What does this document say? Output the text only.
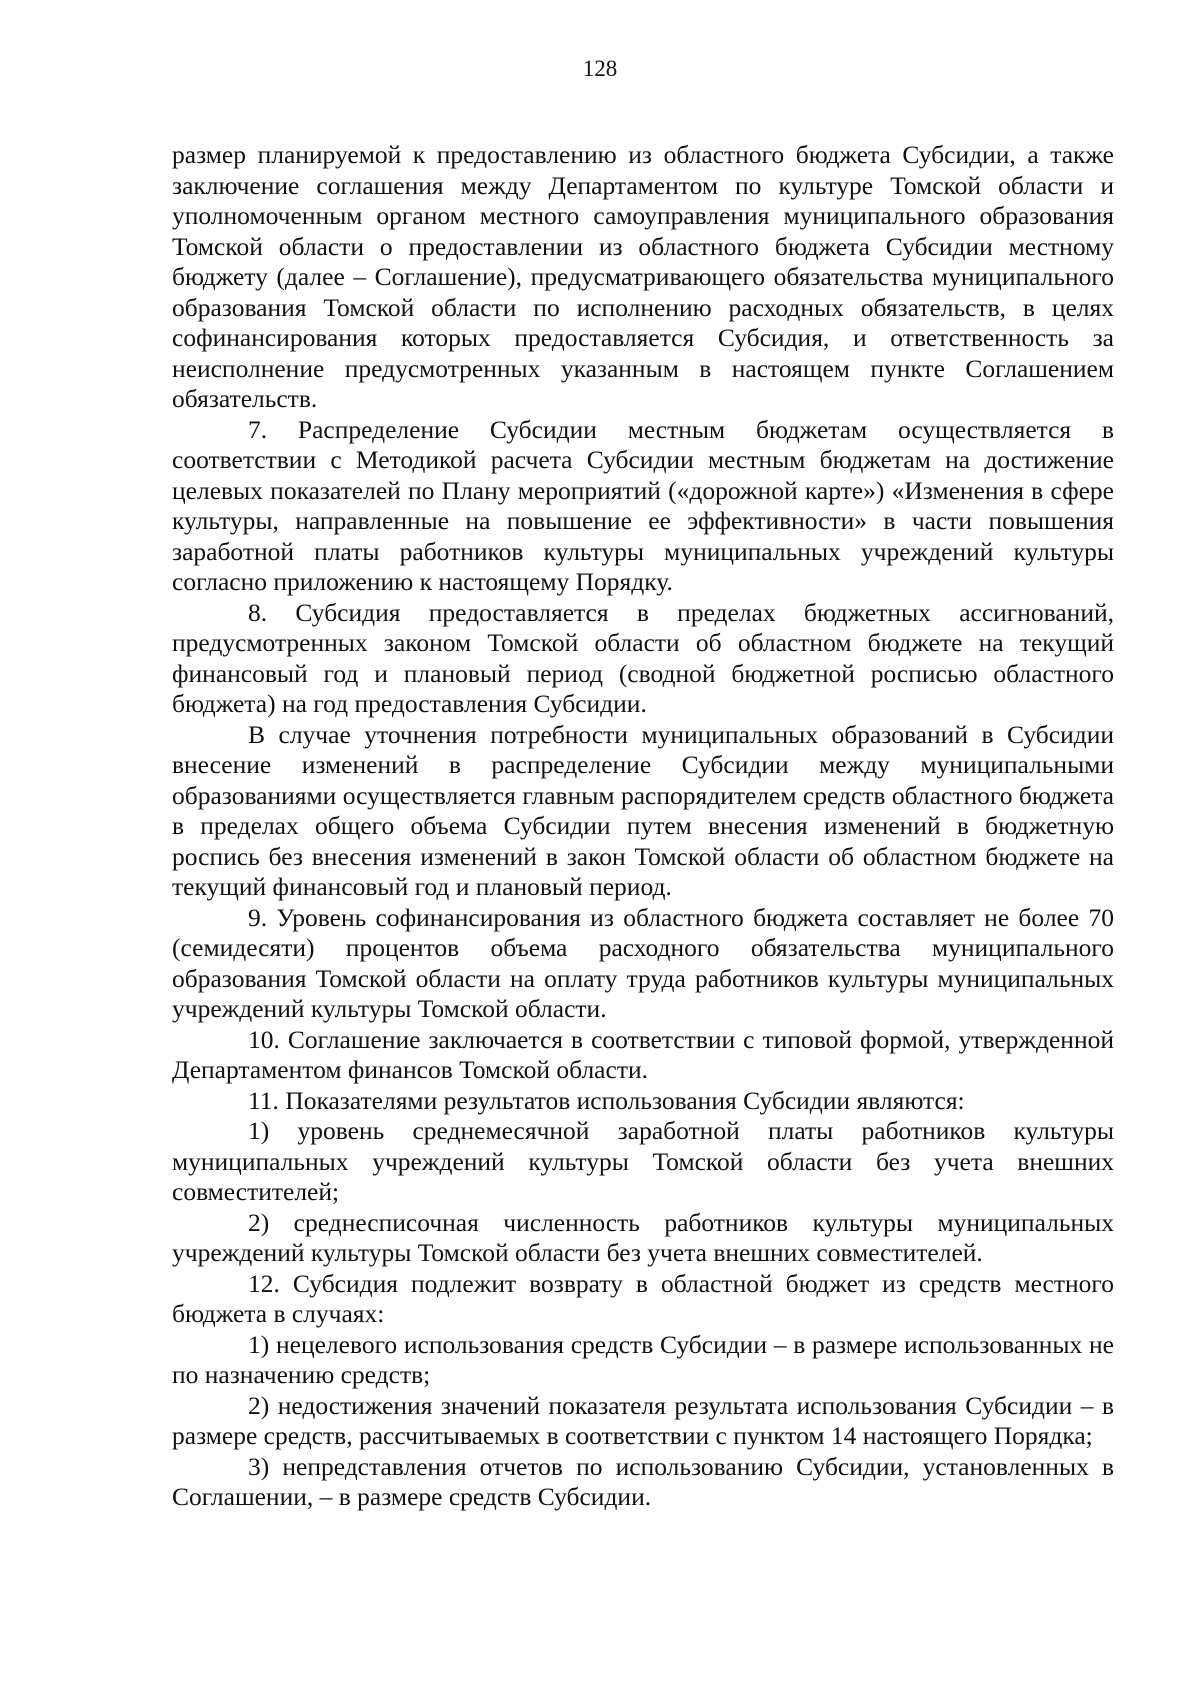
128

размер планируемой к предоставлению из областного бюджета Субсидии, а также заключение соглашения между Департаментом по культуре Томской области и уполномоченным органом местного самоуправления муниципального образования Томской области о предоставлении из областного бюджета Субсидии местному бюджету (далее – Соглашение), предусматривающего обязательства муниципального образования Томской области по исполнению расходных обязательств, в целях софинансирования которых предоставляется Субсидия, и ответственность за неисполнение предусмотренных указанным в настоящем пункте Соглашением обязательств.

7. Распределение Субсидии местным бюджетам осуществляется в соответствии с Методикой расчета Субсидии местным бюджетам на достижение целевых показателей по Плану мероприятий («дорожной карте») «Изменения в сфере культуры, направленные на повышение ее эффективности» в части повышения заработной платы работников культуры муниципальных учреждений культуры согласно приложению к настоящему Порядку.

8. Субсидия предоставляется в пределах бюджетных ассигнований, предусмотренных законом Томской области об областном бюджете на текущий финансовый год и плановый период (сводной бюджетной росписью областного бюджета) на год предоставления Субсидии.

В случае уточнения потребности муниципальных образований в Субсидии внесение изменений в распределение Субсидии между муниципальными образованиями осуществляется главным распорядителем средств областного бюджета в пределах общего объема Субсидии путем внесения изменений в бюджетную роспись без внесения изменений в закон Томской области об областном бюджете на текущий финансовый год и плановый период.

9. Уровень софинансирования из областного бюджета составляет не более 70 (семидесяти) процентов объема расходного обязательства муниципального образования Томской области на оплату труда работников культуры муниципальных учреждений культуры Томской области.

10. Соглашение заключается в соответствии с типовой формой, утвержденной Департаментом финансов Томской области.

11. Показателями результатов использования Субсидии являются:

1) уровень среднемесячной заработной платы работников культуры муниципальных учреждений культуры Томской области без учета внешних совместителей;

2) среднесписочная численность работников культуры муниципальных учреждений культуры Томской области без учета внешних совместителей.

12. Субсидия подлежит возврату в областной бюджет из средств местного бюджета в случаях:

1) нецелевого использования средств Субсидии – в размере использованных не по назначению средств;

2) недостижения значений показателя результата использования Субсидии – в размере средств, рассчитываемых в соответствии с пунктом 14 настоящего Порядка;

3) непредставления отчетов по использованию Субсидии, установленных в Соглашении, – в размере средств Субсидии.
